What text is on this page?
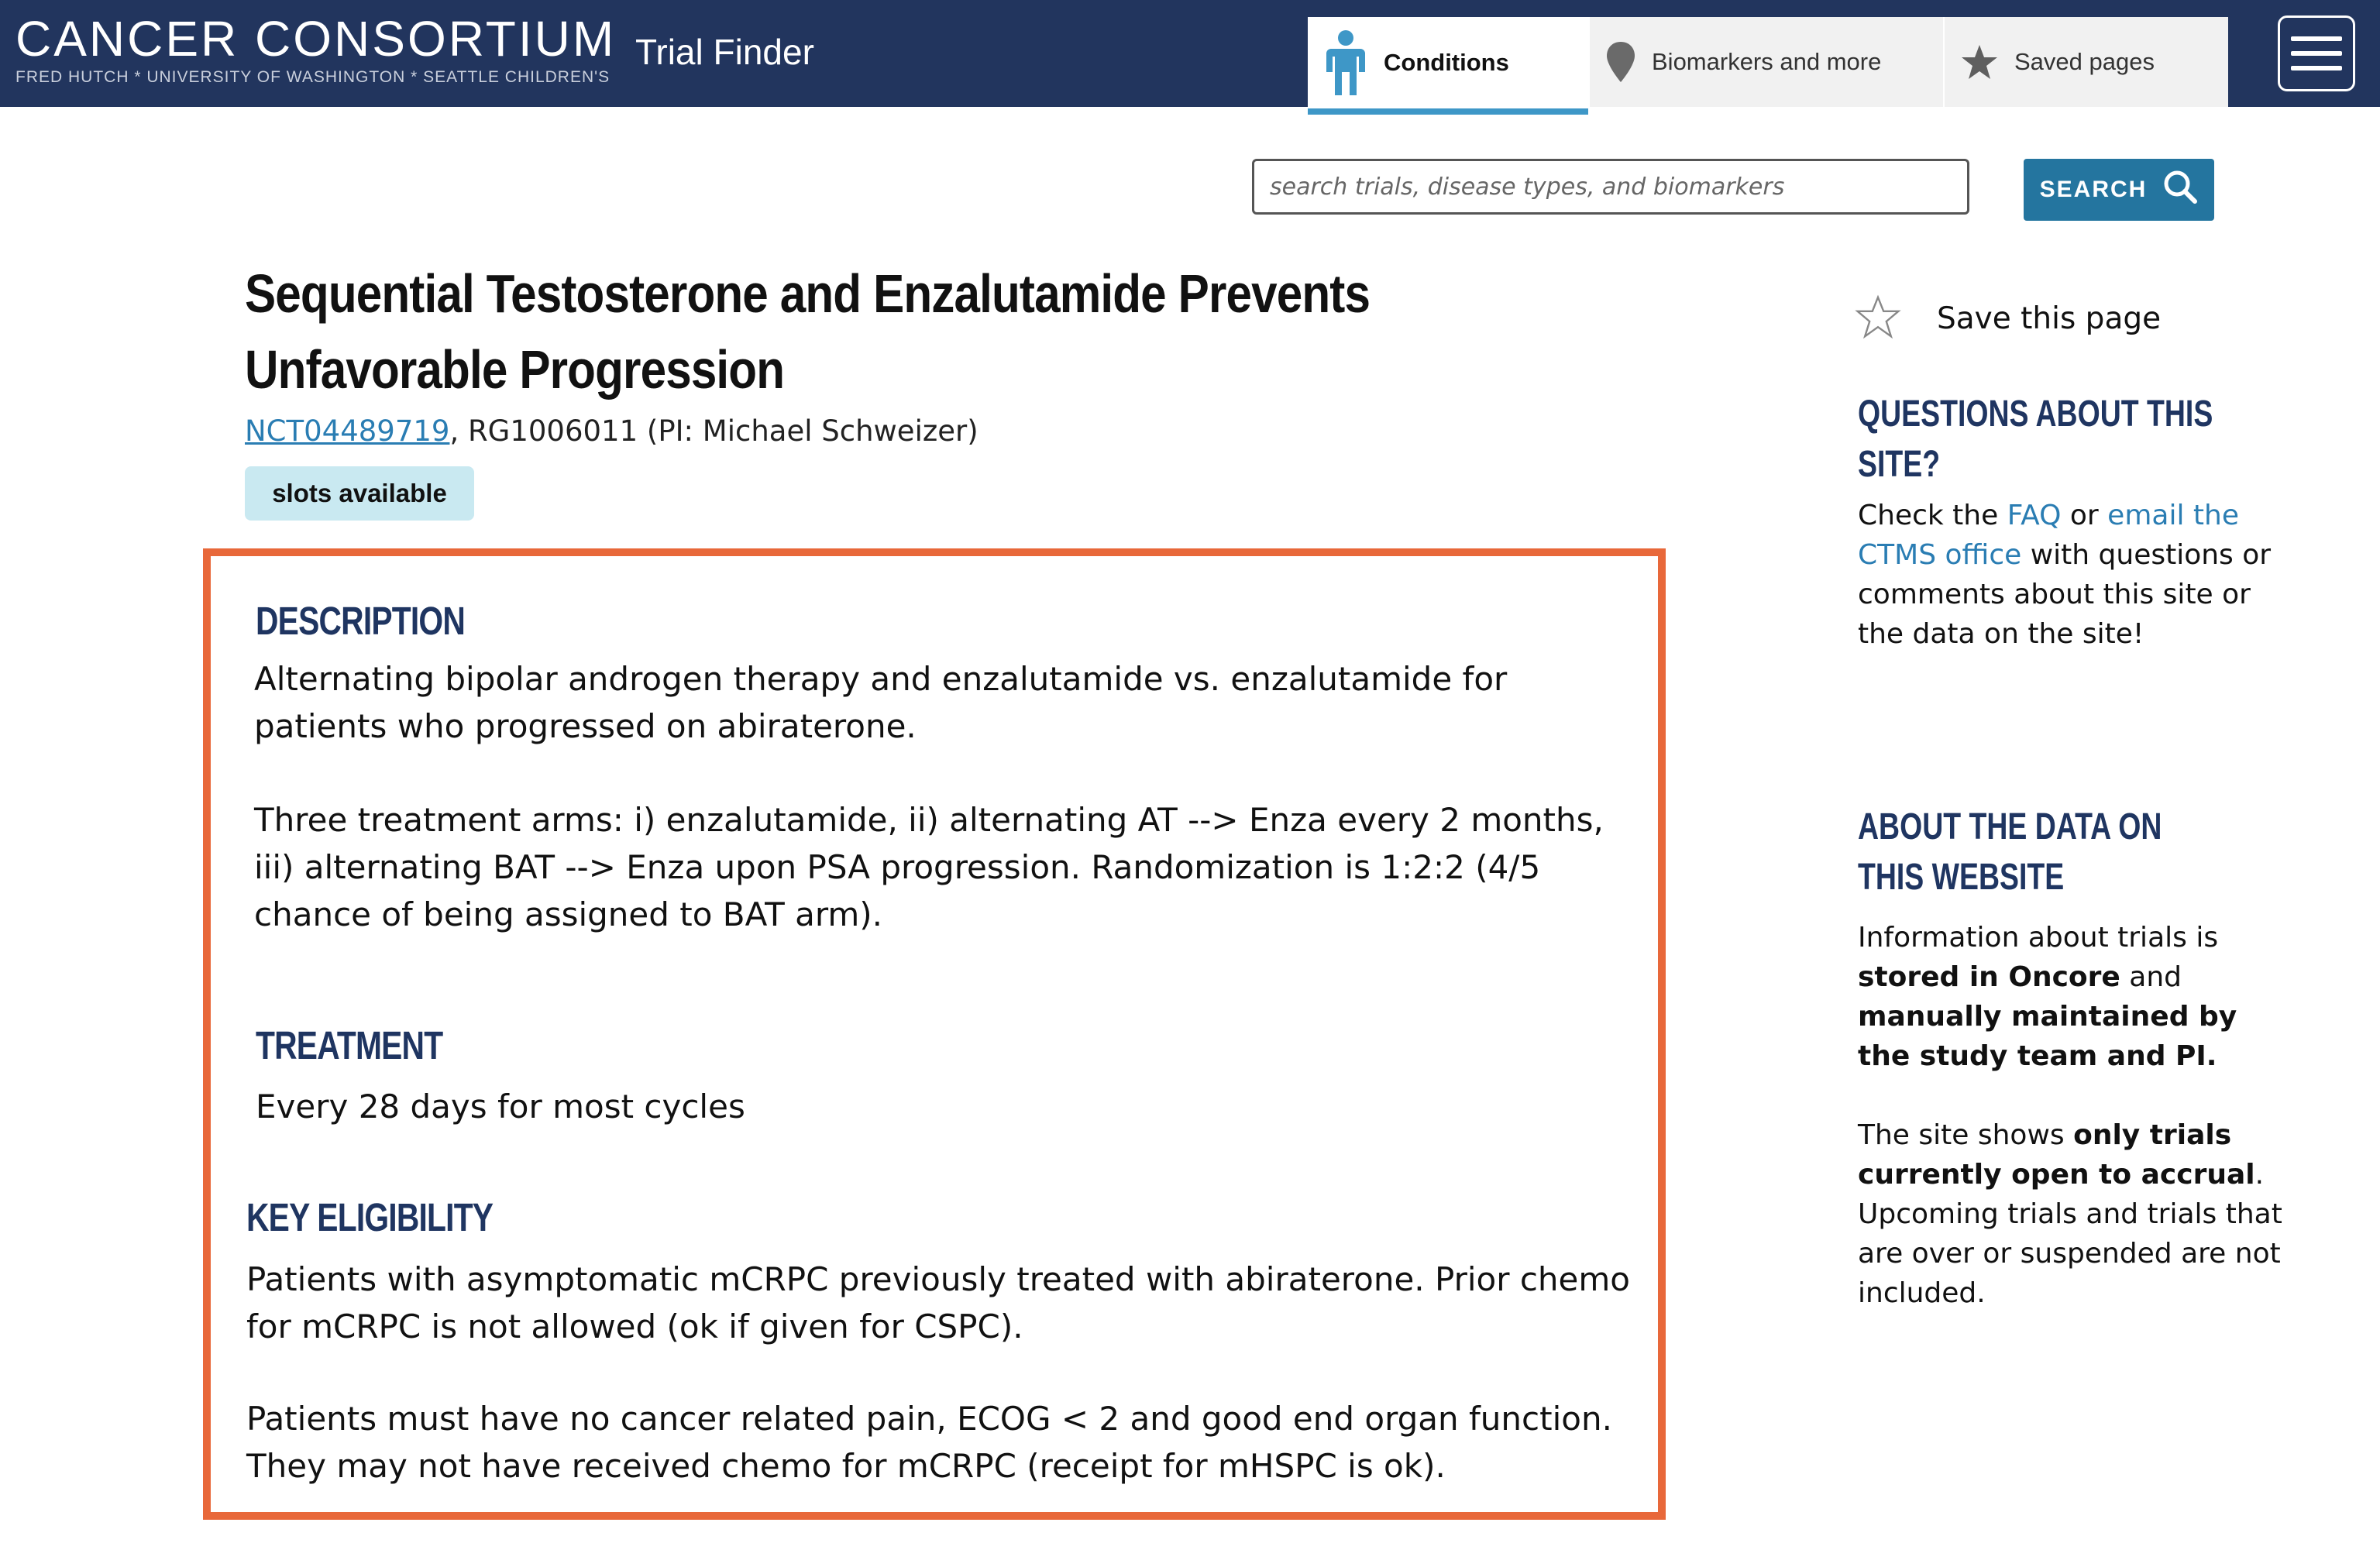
CANCER CONSORTIUM
FRED HUTCH * UNIVERSITY OF WASHINGTON * SEATTLE CHILDREN'S
Trial Finder	Conditions	Biomarkers and more	Saved pages
search trials, disease types, and biomarkers
SEARCH
Sequential Testosterone and Enzalutamide Prevents Unfavorable Progression
NCT04489719, RG1006011 (PI: Michael Schweizer)
slots available
DESCRIPTION

Alternating bipolar androgen therapy and enzalutamide vs. enzalutamide for patients who progressed on abiraterone.

Three treatment arms: i) enzalutamide, ii) alternating AT --> Enza every 2 months, iii) alternating BAT --> Enza upon PSA progression. Randomization is 1:2:2 (4/5 chance of being assigned to BAT arm).

TREATMENT

Every 28 days for most cycles

KEY ELIGIBILITY

Patients with asymptomatic mCRPC previously treated with abiraterone. Prior chemo for mCRPC is not allowed (ok if given for CSPC).

Patients must have no cancer related pain, ECOG < 2 and good end organ function. They may not have received chemo for mCRPC (receipt for mHSPC is ok).

Save this page
QUESTIONS ABOUT THIS SITE?

Check the FAQ or email the CTMS office with questions or comments about this site or the data on the site!

ABOUT THE DATA ON THIS WEBSITE

Information about trials is stored in Oncore and manually maintained by the study team and PI.

The site shows only trials currently open to accrual. Upcoming trials and trials that are over or suspended are not included.
